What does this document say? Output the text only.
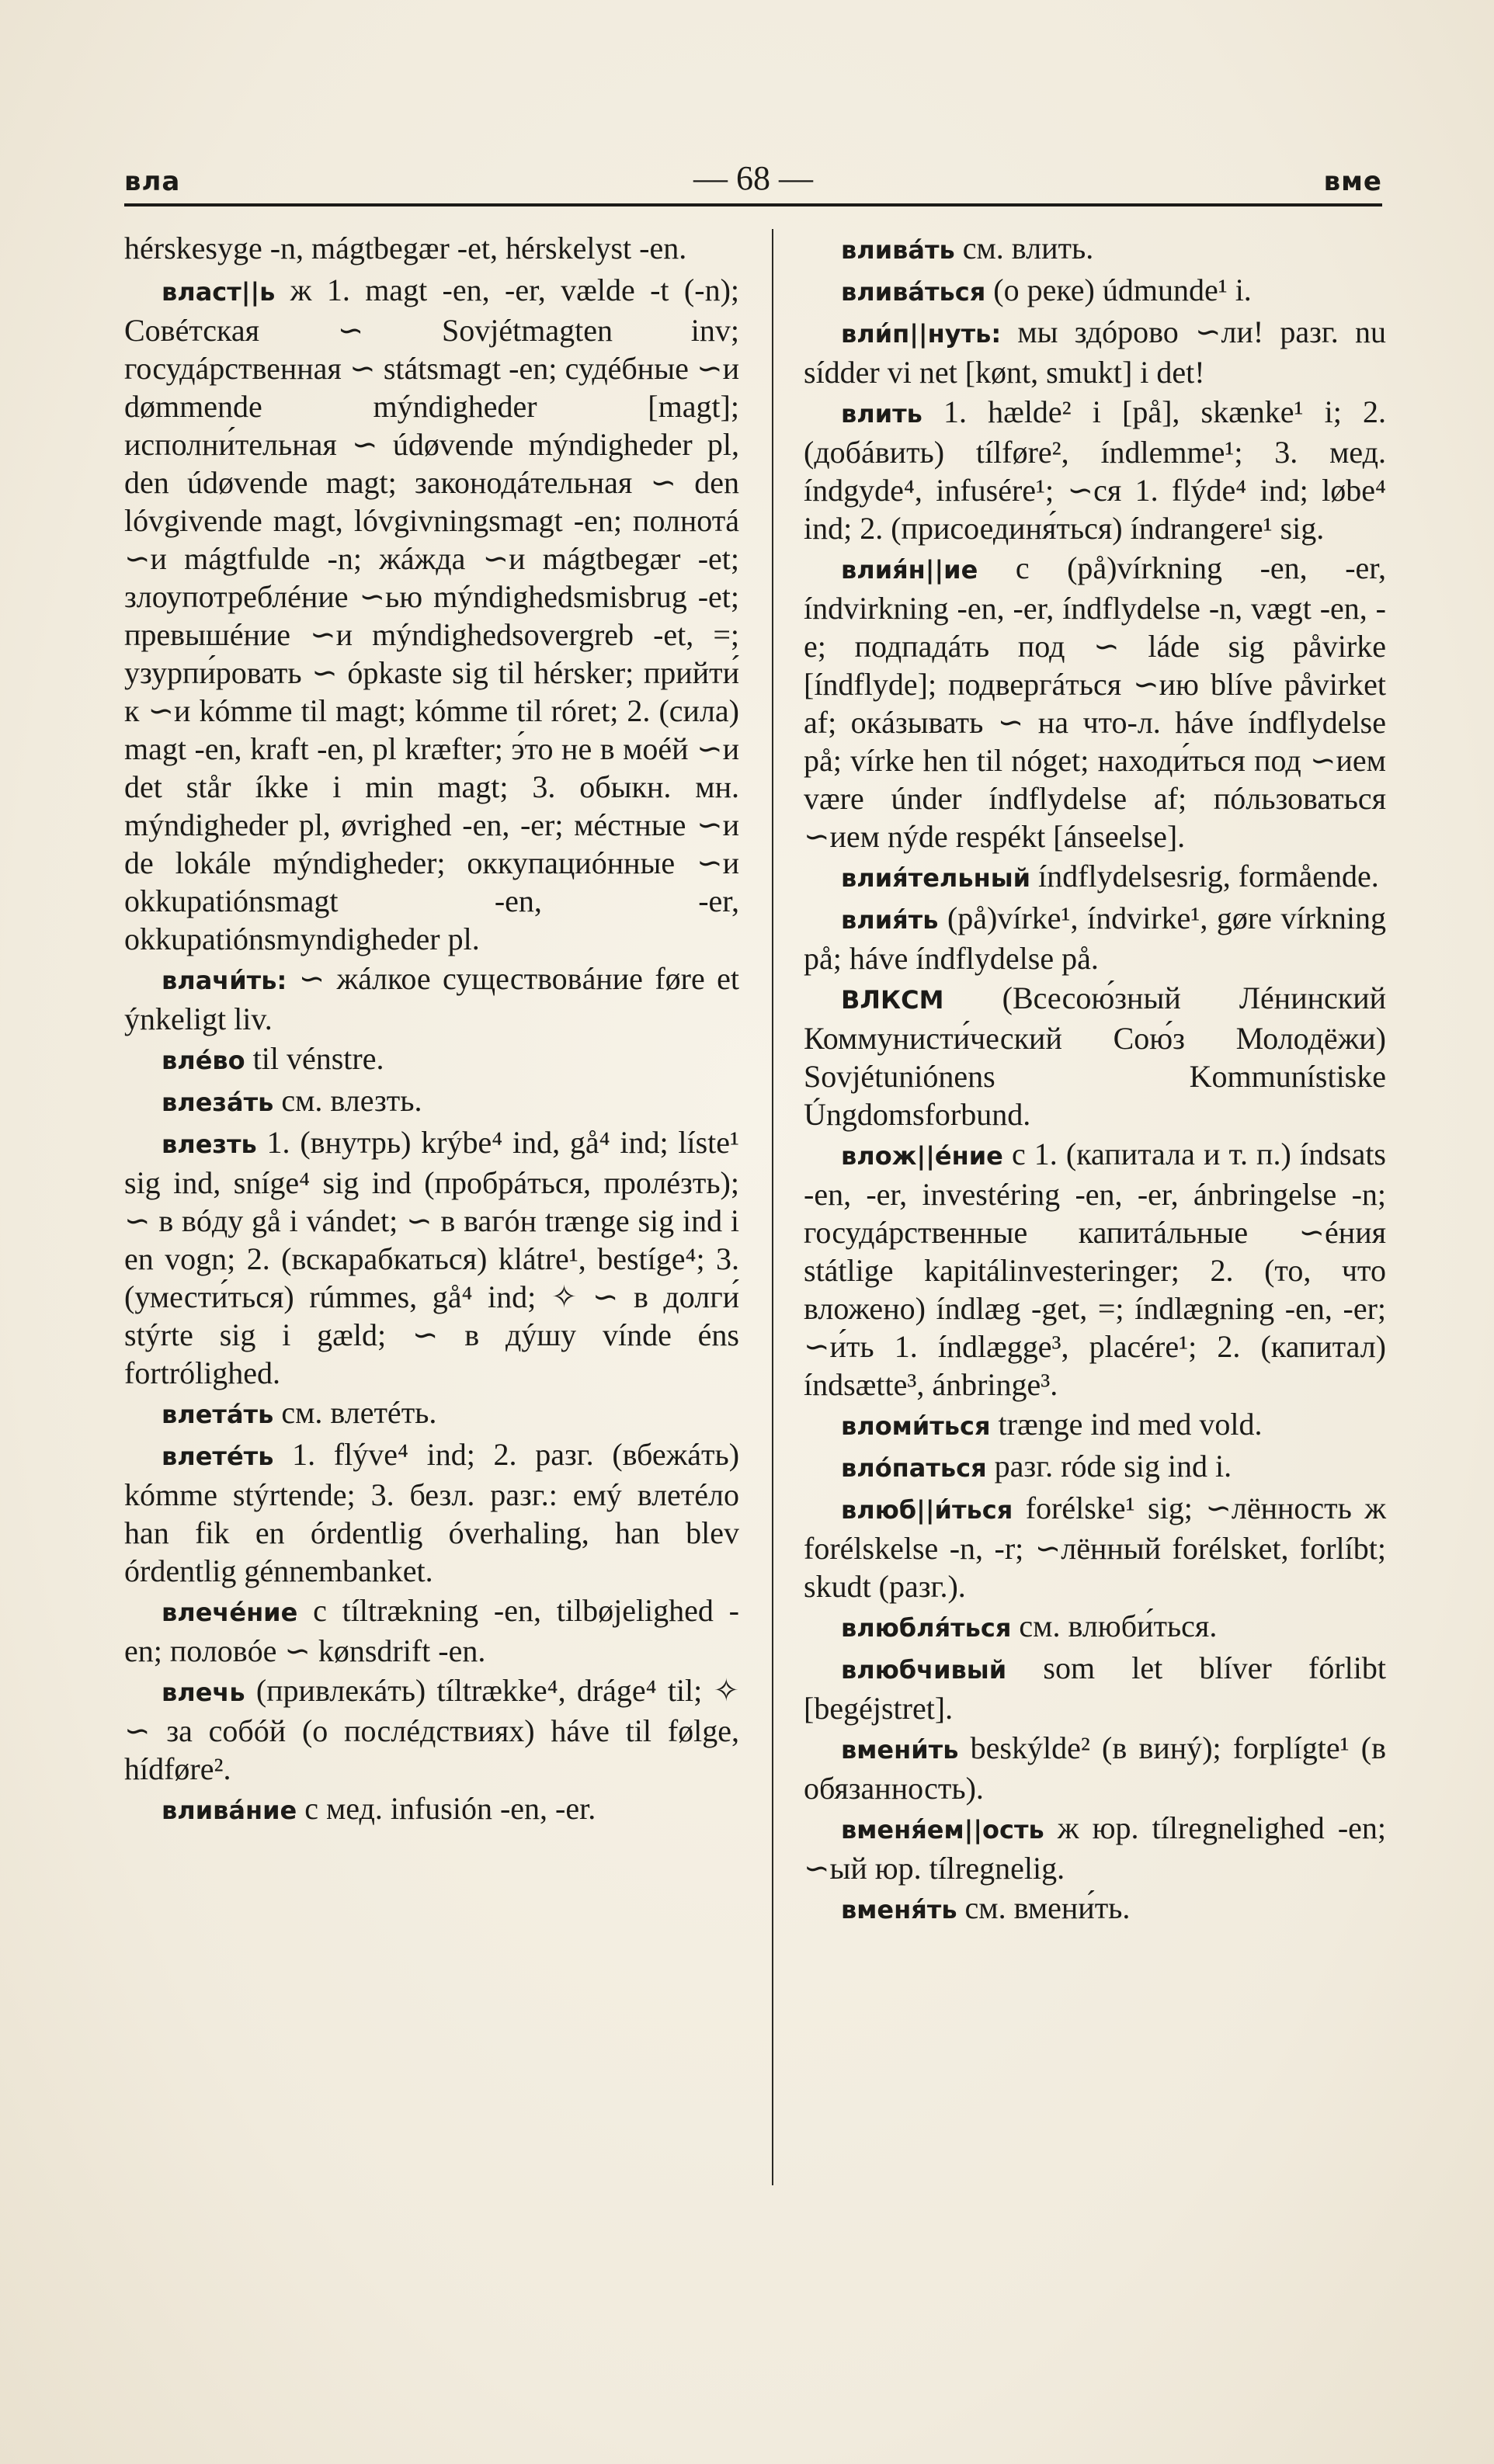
вла	— 68 —	вме

hérskesyge -n, mágtbegær -et, hérskelyst -en.

власт||ь ж 1. magt -en, -er, vælde -t (-n); Совéтская ∽ Sovjétmagten inv; госудáрственная ∽ státsmagt -en; судéбные ∽и dømmende mýndigheder [magt]; исполни́тельная ∽ údøvende mýndigheder pl, den údøvende magt; законодáтельная ∽ den lóvgivende magt, lóvgivningsmagt -en; полнотá ∽и mágtfulde -n; жáжда ∽и mágtbegær -et; злоупотреблéние ∽ью mýndighedsmisbrug -et; превышéние ∽и mýndighedsovergreb -et, =; узурпи́ровать ∽ ópkaste sig til hérsker; прийти́ к ∽и kómme til magt; kómme til róret; 2. (сила) magt -en, kraft -en, pl kræfter; э́то не в моéй ∽и det står íkke i min magt; 3. обыкн. мн. mýndigheder pl, øvrighed -en, -er; мéстные ∽и de lokále mýndigheder; оккупациóнные ∽и okkupatiónsmagt -en, -er, okkupatiónsmyndigheder pl.

влачи́ть: ∽ жáлкое существовáние føre et ýnkeligt liv.

влéво til vénstre.

влезáть см. влезть.

влезть 1. (внутрь) krýbe⁴ ind, gå⁴ ind; líste¹ sig ind, sníge⁴ sig ind (пробрáться, пролéзть); ∽ в вóду gå i vándet; ∽ в вагóн trænge sig ind i en vogn; 2. (вскарабкаться) klátre¹, bestíge⁴; 3. (умести́ться) rúmmes, gå⁴ ind; ✧ ∽ в долги́ stýrte sig i gæld; ∽ в дýшу vínde éns fortrólighed.

влетáть см. влетéть.

влетéть 1. flýve⁴ ind; 2. разг. (вбежáть) kómme stýrtende; 3. безл. разг.: емý влетéло han fik en órdentlig óverhaling, han blev órdentlig génnembanket.

влечéние с tíltrækning -en, tilbøjelighed -en; половóе ∽ kønsdrift -en.

влечь (привлекáть) tíltrække⁴, dráge⁴ til; ✧ ∽ за собóй (о послéдствиях) háve til følge, hídføre².

вливáние с мед. infusión -en, -er.

вливáть см. влить.

вливáться (о реке) údmunde¹ i.

вли́п||нуть: мы здóрово ∽ли! разг. nu sídder vi net [kønt, smukt] i det!

влить 1. hælde² i [på], skænke¹ i; 2. (добáвить) tílføre², índlemme¹; 3. мед. índgyde⁴, infusére¹; ∽ся 1. flýde⁴ ind; løbe⁴ ind; 2. (присоединя́ться) índrangere¹ sig.

влия́н||ие с (på)vírkning -en, -er, índvirkning -en, -er, índflydelse -n, vægt -en, -e; подпадáть под ∽ láde sig påvirke [índflyde]; подвергáться ∽ию blíve påvirket af; окáзывать ∽ на что-л. háve índflydelse på; vírke hen til nóget; находи́ться под ∽ием være únder índflydelse af; пóльзоваться ∽ием nýde respékt [ánseelse].

влия́тельный índflydelsesrig, formående.

влия́ть (på)vírke¹, índvirke¹, gøre vírkning på; háve índflydelse på.

ВЛКСМ (Всесою́зный Лéнинский Коммунисти́ческий Сою́з Молодёжи) Sovjétuniónens Kommunístiske Úngdomsforbund.

влож||éние с 1. (капитала и т. п.) índsats -en, -er, investéring -en, -er, ánbringelse -n; госудáрственные капитáльные ∽éния státlige kapitálinvesteringer; 2. (то, что вложено) índlæg -get, =; índlægning -en, -er; ∽и́ть 1. índlægge³, placére¹; 2. (капитал) índsætte³, ánbringe³.

вломи́ться trænge ind med vold.

влóпаться разг. róde sig ind i.

влюб||и́ться forélske¹ sig; ∽лённость ж forélskelse -n, -r; ∽лённый forélsket, forlíbt; skudt (разг.).

влюбля́ться см. влюби́ться.

влюбчивый som let blíver fórlibt [begéjstret].

вмени́ть beskýlde² (в винý); forplígte¹ (в обязанность).

вменя́ем||ость ж юр. tílregnelighed -en; ∽ый юр. tílregnelig.

вменя́ть см. вмени́ть.
